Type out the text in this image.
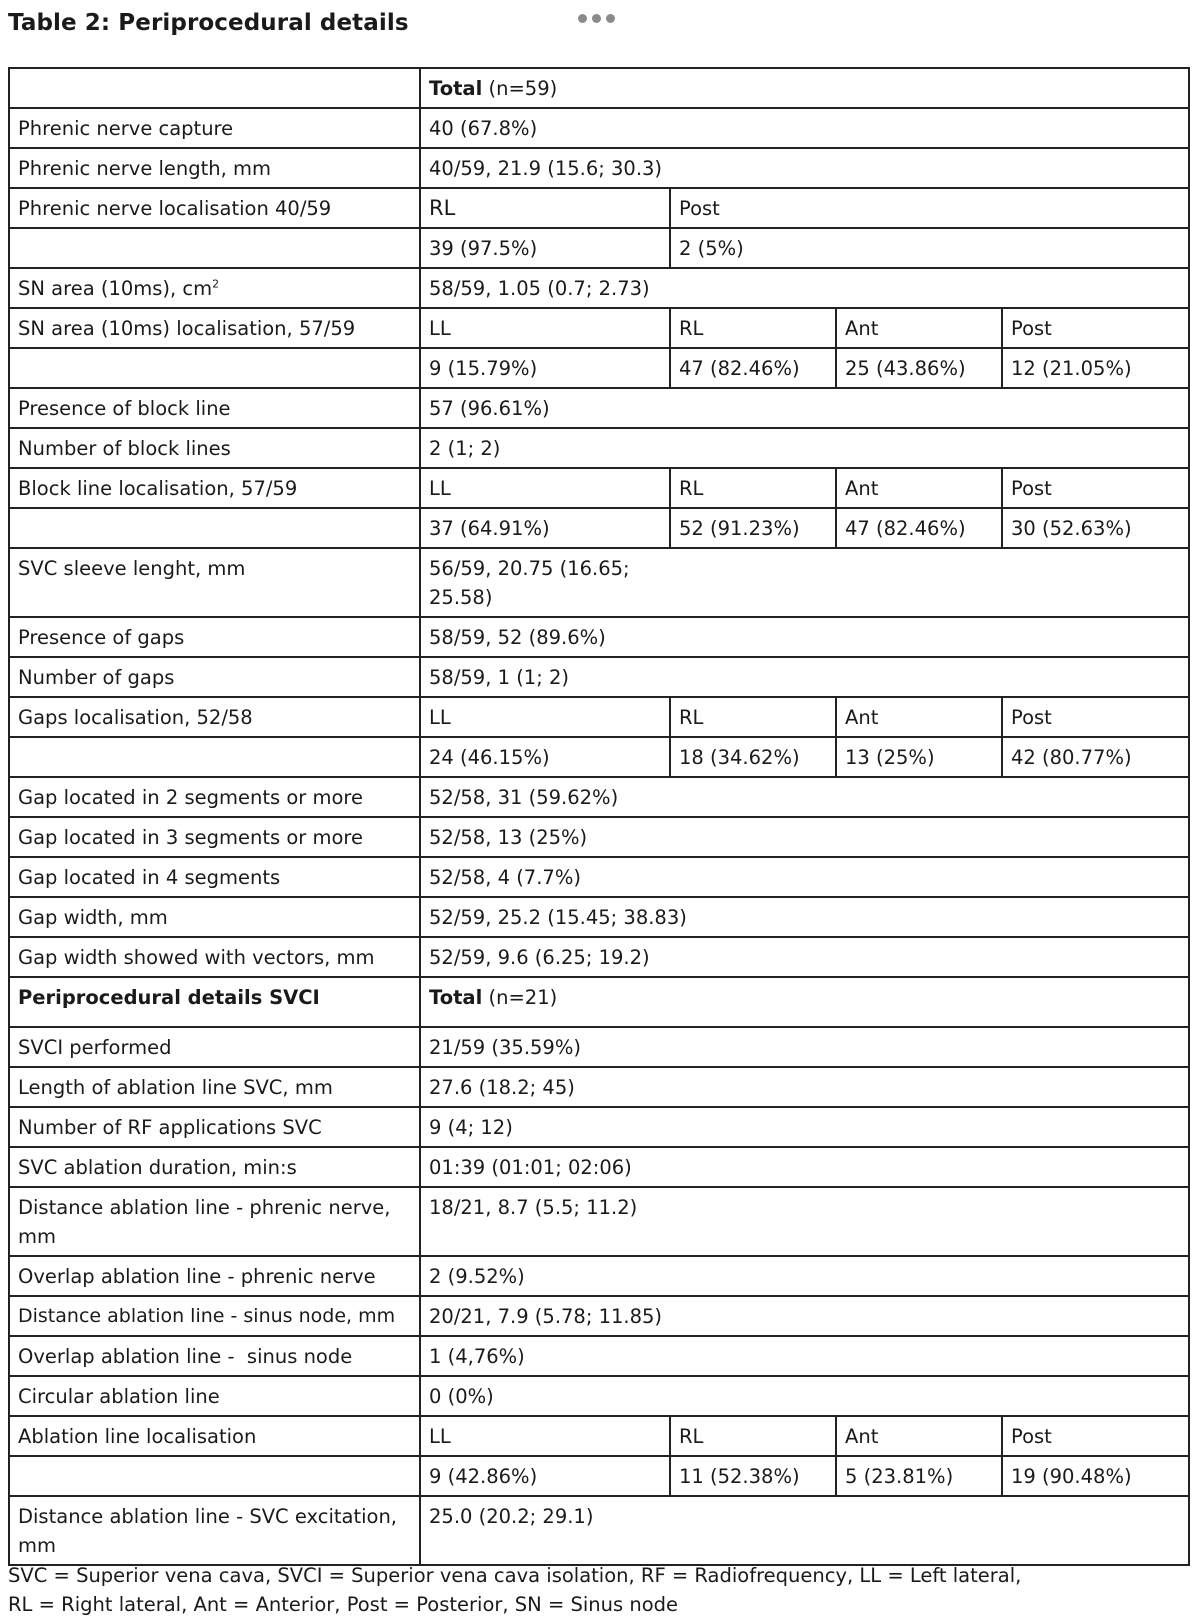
Table 2: Periprocedural details
	Total (n=59)			
Phrenic nerve capture	40 (67.8%)			
Phrenic nerve length, mm	40/59, 21.9 (15.6; 30.3)			
Phrenic nerve localisation 40/59	RL	Post		
	39 (97.5%)	2 (5%)		
SN area (10ms), $cm^2$	58/59, 1.05 (0.7; 2.73)			
SN area (10ms) localisation, 57/59	LL	RL	Ant	Post
	9 (15.79%)	47 (82.46%)	25 (43.86%)	12 (21.05%)
Presence of block line	57 (96.61%)			
Number of block lines	2 (1; 2)			
Block line localisation, 57/59	LL	RL	Ant	Post
	37 (64.91%)	52 (91.23%)	47 (82.46%)	30 (52.63%)
SVC sleeve lenght, mm	56/59, 20.75 (16.65;
25.58)			

Presence of gaps	58/59, 52 (89.6%)			
Number of gaps	58/59, 1 (1; 2)			
Gaps localisation, 52/58	LL	RL	Ant	Post
	24 (46.15%)	18 (34.62%)	13 (25%)	42 (80.77%)
Gap located in 2 segments or more	52/58, 31 (59.62%)			
Gap located in 3 segments or more	52/58, 13 (25%)			
Gap located in 4 segments	52/58, 4 (7.7%)			
Gap width, mm	52/59, 25.2 (15.45; 38.83)			
Gap width showed with vectors, mm	52/59, 9.6 (6.25; 19.2)			
Periprocedural details SVCI	Total (n=21)			
SVCI performed	21/59 (35.59%)			
Length of ablation line SVC, mm	27.6 (18.2; 45)			
Number of RF applications SVC	9 (4; 12)			
SVC ablation duration, min:s	01:39 (01:01; 02:06)			

Distance ablation line - phrenic nerve,
mm	18/21, 8.7 (5.5; 11.2)			
Overlap ablation line - phrenic nerve	2 (9.52%)			
Distance ablation line - sinus node, mm	20/21, 7.9 (5.78; 11.85)			
Overlap ablation line -  sinus node	1 (4,76%)			
Circular ablation line	0 (0%)			
Ablation line localisation	LL	RL	Ant	Post
	9 (42.86%)	11 (52.38%)	5 (23.81%)	19 (90.48%)

Distance ablation line - SVC excitation,
mm	25.0 (20.2; 29.1)			
SVC = Superior vena cava, SVCI = Superior vena cava isolation, RF = Radiofrequency, LL = Left lateral,
RL = Right lateral, Ant = Anterior, Post = Posterior, SN = Sinus node
